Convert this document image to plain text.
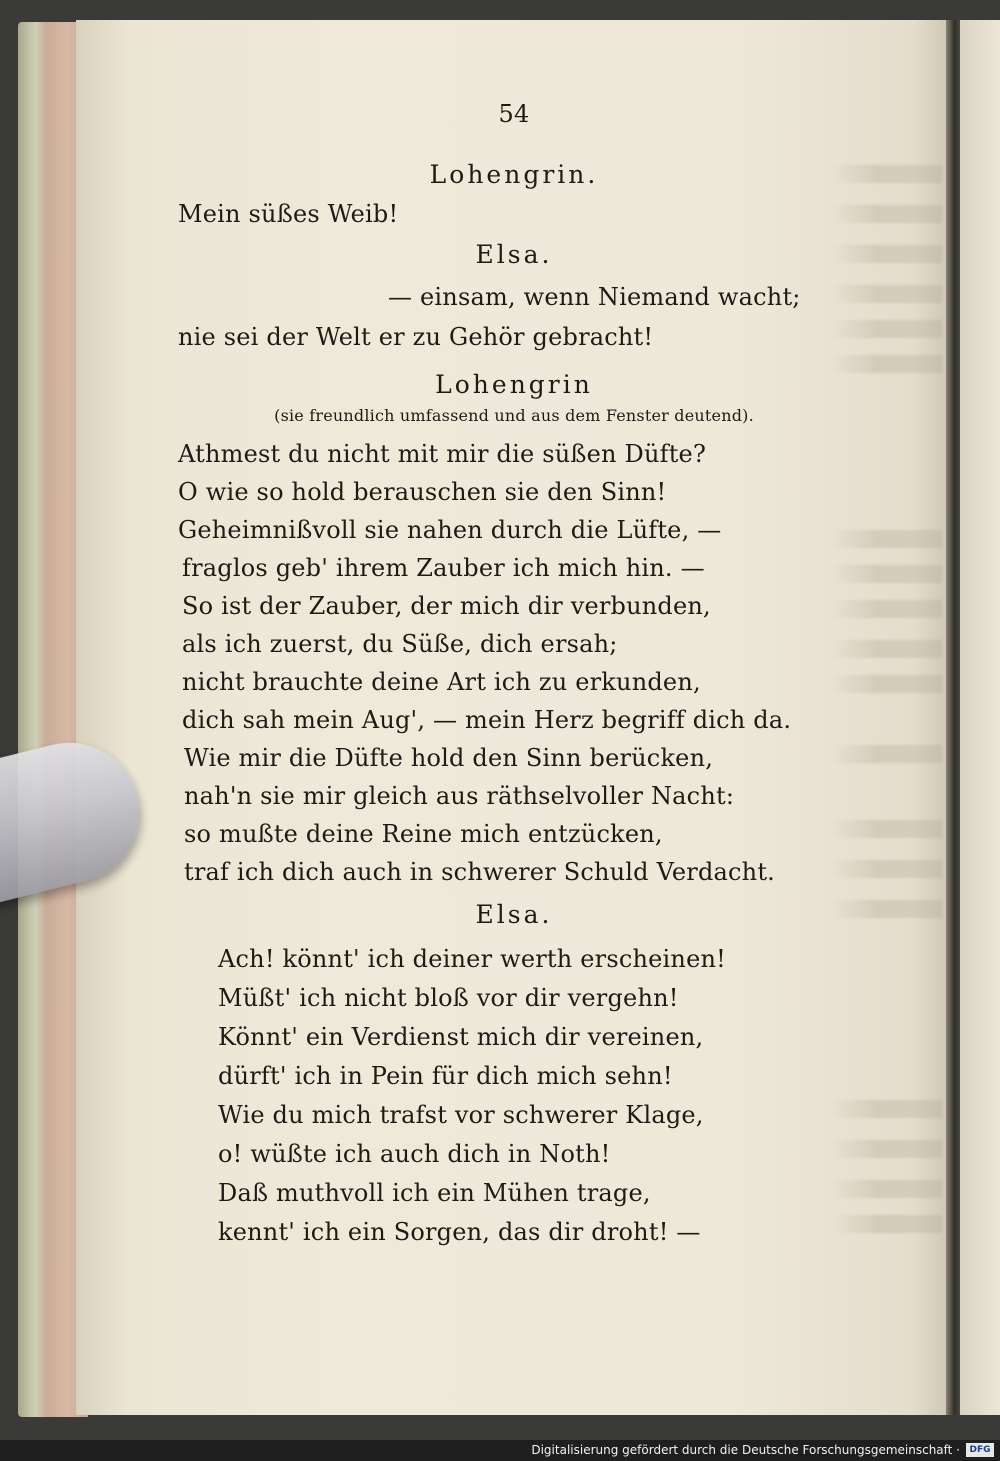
54
Lohengrin.
Mein süßes Weib!
Elsa.
— einsam, wenn Niemand wacht;
nie sei der Welt er zu Gehör gebracht!
Lohengrin
(sie freundlich umfassend und aus dem Fenster deutend).
Athmest du nicht mit mir die süßen Düfte?
O wie so hold berauschen sie den Sinn!
Geheimnißvoll sie nahen durch die Lüfte, —
fraglos geb' ihrem Zauber ich mich hin. —
So ist der Zauber, der mich dir verbunden,
als ich zuerst, du Süße, dich ersah;
nicht brauchte deine Art ich zu erkunden,
dich sah mein Aug', — mein Herz begriff dich da.
Wie mir die Düfte hold den Sinn berücken,
nah'n sie mir gleich aus räthselvoller Nacht:
so mußte deine Reine mich entzücken,
traf ich dich auch in schwerer Schuld Verdacht.
Elsa.
Ach! könnt' ich deiner werth erscheinen!
Müßt' ich nicht bloß vor dir vergehn!
Könnt' ein Verdienst mich dir vereinen,
dürft' ich in Pein für dich mich sehn!
Wie du mich trafst vor schwerer Klage,
o! wüßte ich auch dich in Noth!
Daß muthvoll ich ein Mühen trage,
kennt' ich ein Sorgen, das dir droht! —
Digitalisierung gefördert durch die Deutsche Forschungsgemeinschaft ·	DFG
